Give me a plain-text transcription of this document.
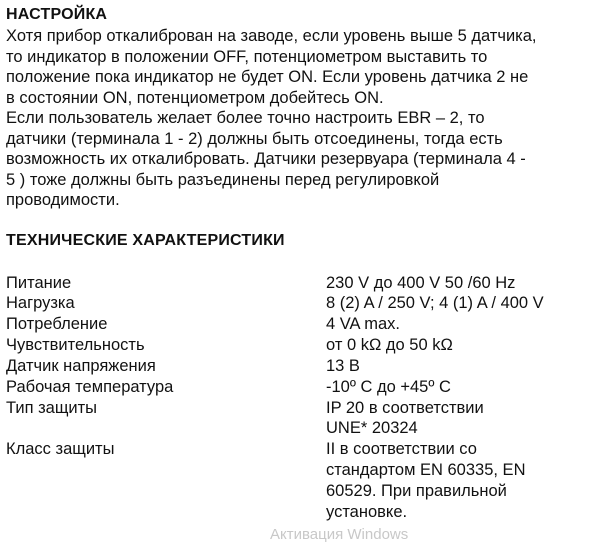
НАСТРОЙКА
Хотя прибор откалиброван на заводе, если уровень выше 5 датчика,
то индикатор в положении OFF, потенциометром выставить то
положение пока индикатор не будет ON. Если уровень датчика 2 не
в состоянии ON, потенциометром добейтесь ON.
Если пользователь желает более точно настроить EBR – 2, то
датчики (терминала 1 - 2) должны быть отсоединены, тогда есть
возможность их откалибровать. Датчики резервуара (терминала 4 -
5 ) тоже должны быть разъединены перед регулировкой
проводимости.
ТЕХНИЧЕСКИЕ ХАРАКТЕРИСТИКИ
Питание	230 V до 400 V 50 /60 Hz
Нагрузка	8 (2) A / 250 V; 4 (1) A / 400 V
Потребление	4 VA max.
Чувствительность	от 0 kΩ до 50 kΩ
Датчик напряжения	13 В
Рабочая температура	-10º C до +45º C
Тип защиты	IP 20 в соответствии
UNE* 20324
Класс защиты	II в соответствии со
стандартом EN 60335, EN
60529. При правильной
установке.
Активация Windows
